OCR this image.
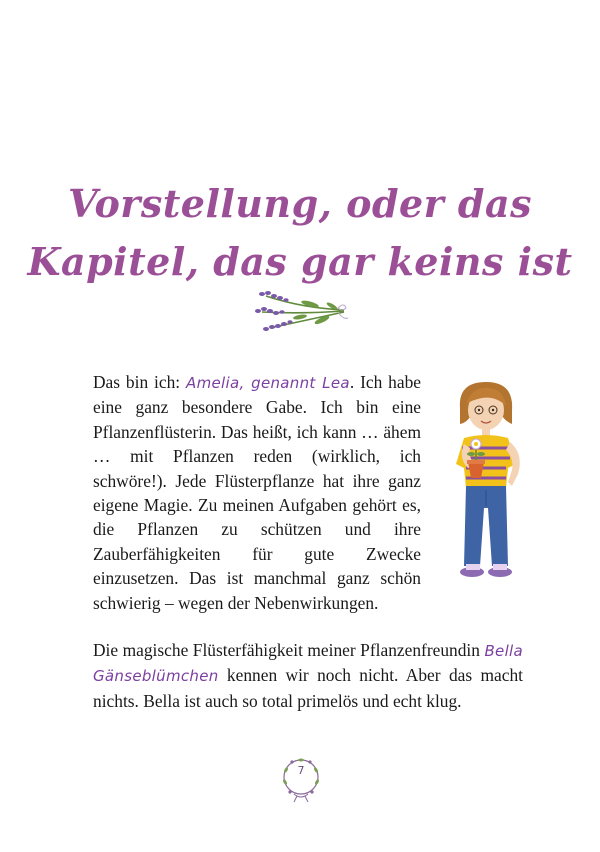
Vorstellung, oder das
Kapitel, das gar keins ist

Das bin ich: Amelia, genannt Lea. Ich habe eine ganz besondere Gabe. Ich bin eine Pflanzenflüsterin. Das heißt, ich kann … ähem … mit Pflanzen reden (wirklich, ich schwöre!). Jede Flüsterpflanze hat ihre ganz eigene Magie. Zu meinen Aufgaben gehört es, die Pflanzen zu schützen und ihre Zauberfähigkeiten für gute Zwecke einzusetzen. Das ist manchmal ganz schön schwierig – wegen der Nebenwirkungen.

Die magische Flüsterfähigkeit meiner Pflanzenfreundin Bella Gänseblümchen kennen wir noch nicht. Aber das macht nichts. Bella ist auch so total primelös und echt klug.

7
